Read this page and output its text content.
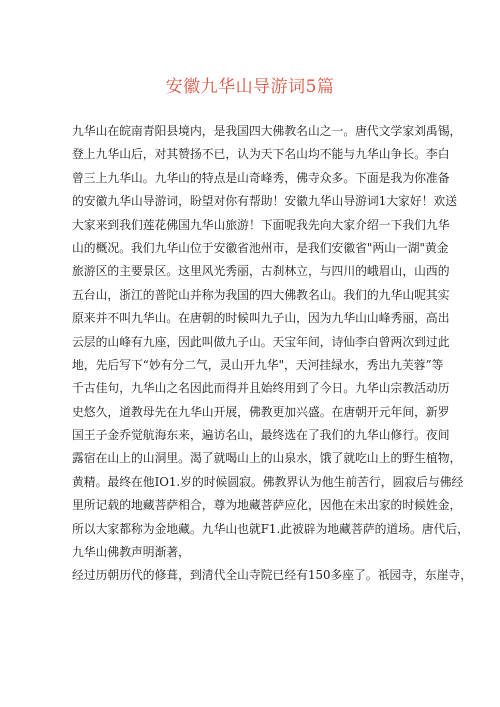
安徽九华山导游词5篇
九华山在皖南青阳县境内，是我国四大佛教名山之一。唐代文学家刘禹锡，
登上九华山后，对其赞扬不已，认为天下名山均不能与九华山争长。李白
曾三上九华山。九华山的特点是山奇峰秀，佛寺众多。下面是我为你准备
的安徽九华山导游词，盼望对你有帮助！安徽九华山导游词1大家好！欢送
大家来到我们莲花佛国九华山旅游！下面呢我先向大家介绍一下我们九华
山的概况。我们九华山位于安徽省池州市，是我们安徽省"两山一湖"黄金
旅游区的主要景区。这里风光秀丽，古刹林立，与四川的峨眉山，山西的
五台山，浙江的普陀山并称为我国的四大佛教名山。我们的九华山呢其实
原来并不叫九华山。在唐朝的时候叫九子山，因为九华山山峰秀丽，高出
云层的山峰有九座，因此叫做九子山。天宝年间，诗仙李白曾两次到过此
地，先后写下“妙有分二气，灵山开九华"，天河挂绿水，秀出九芙蓉”等
千古佳句，九华山之名因此而得并且始终用到了今日。九华山宗教活动历
史悠久，道教母先在九华山开展，佛教更加兴盛。在唐朝开元年间，新罗
国王子金乔觉航海东来，遍访名山，最终选在了我们的九华山修行。夜间
露宿在山上的山洞里。渴了就喝山上的山泉水，饿了就吃山上的野生植物，
黄精。最终在他IO1.岁的时候圆寂。佛教界认为他生前苦行，圆寂后与佛经
里所记载的地藏菩萨相合，尊为地藏菩萨应化，因他在未出家的时候姓金，
所以大家都称为金地藏。九华山也就F1.此被辟为地藏菩萨的道场。唐代后，
九华山佛教声明渐著，
经过历朝历代的修葺，到清代全山寺院已经有150多座了。祇园寺，东崖寺，
